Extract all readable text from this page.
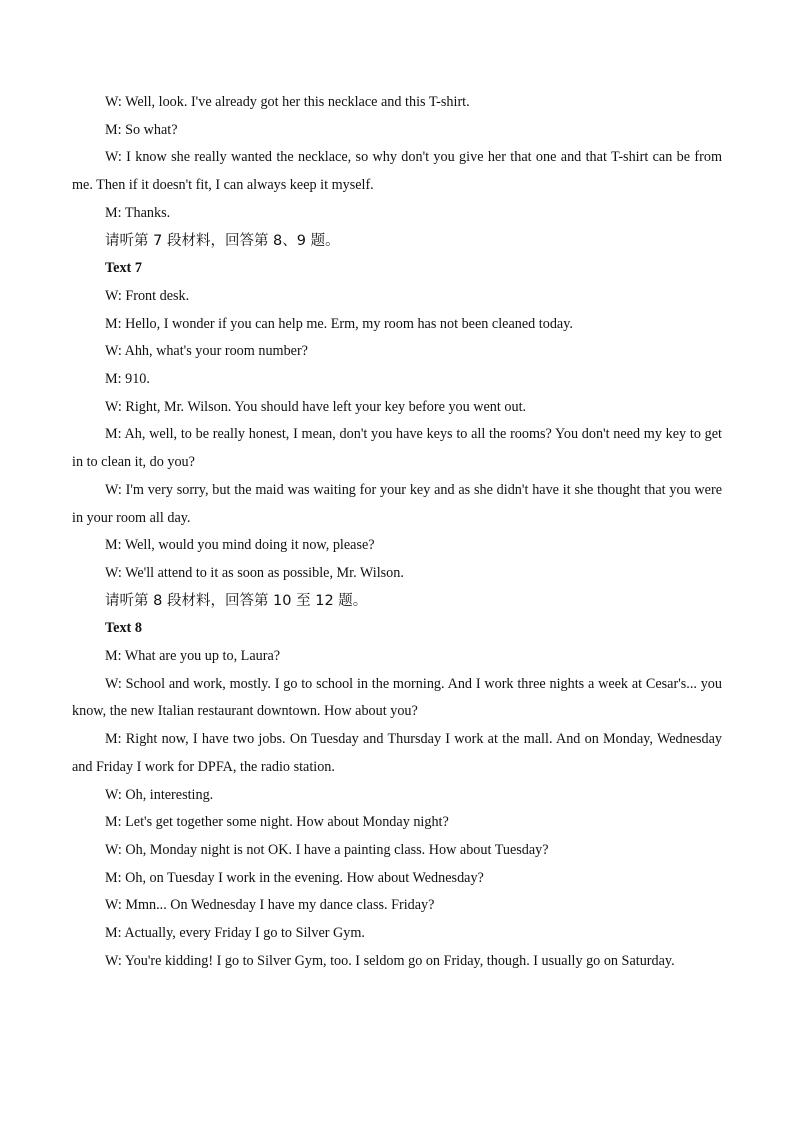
W: Well, look. I've already got her this necklace and this T-shirt.

M: So what?

W: I know she really wanted the necklace, so why don't you give her that one and that T-shirt can be from me. Then if it doesn't fit, I can always keep it myself.

M: Thanks.

请听第 7 段材料，回答第 8、9 题。

Text 7

W: Front desk.

M: Hello, I wonder if you can help me. Erm, my room has not been cleaned today.

W: Ahh, what's your room number?

M: 910.

W: Right, Mr. Wilson. You should have left your key before you went out.

M: Ah, well, to be really honest, I mean, don't you have keys to all the rooms? You don't need my key to get in to clean it, do you?

W: I'm very sorry, but the maid was waiting for your key and as she didn't have it she thought that you were in your room all day.

M: Well, would you mind doing it now, please?

W: We'll attend to it as soon as possible, Mr. Wilson.

请听第 8 段材料，回答第 10 至 12 题。

Text 8

M: What are you up to, Laura?

W: School and work, mostly. I go to school in the morning. And I work three nights a week at Cesar's... you know, the new Italian restaurant downtown. How about you?

M: Right now, I have two jobs. On Tuesday and Thursday I work at the mall. And on Monday, Wednesday and Friday I work for DPFA, the radio station.

W: Oh, interesting.

M: Let's get together some night. How about Monday night?

W: Oh, Monday night is not OK. I have a painting class. How about Tuesday?

M: Oh, on Tuesday I work in the evening. How about Wednesday?

W: Mmn... On Wednesday I have my dance class. Friday?

M: Actually, every Friday I go to Silver Gym.

W: You're kidding! I go to Silver Gym, too. I seldom go on Friday, though. I usually go on Saturday.
